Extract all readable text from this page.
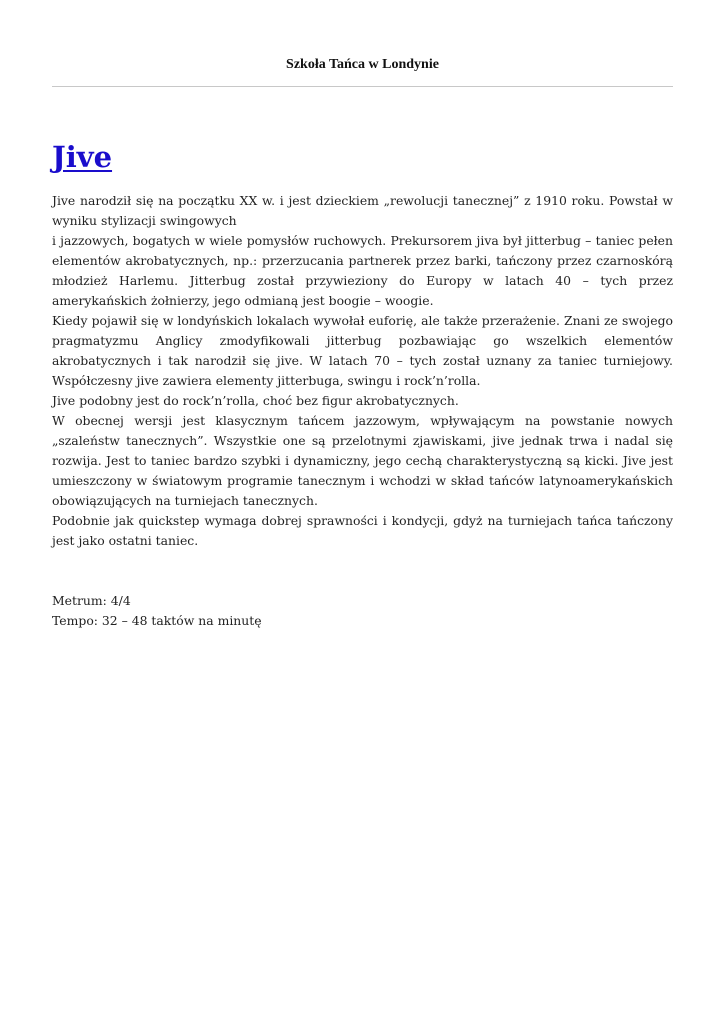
Szkoła Tańca w Londynie
Jive

Jive narodził się na początku XX w. i jest dzieckiem „rewolucji tanecznej” z 1910 roku. Powstał w wyniku stylizacji swingowych

i jazzowych, bogatych w wiele pomysłów ruchowych. Prekursorem jiva był jitterbug – taniec pełen elementów akrobatycznych, np.: przerzucania partnerek przez barki, tańczony przez czarnoskórą młodzież Harlemu. Jitterbug został przywieziony do Europy w latach 40 – tych przez amerykańskich żołnierzy, jego odmianą jest boogie – woogie.

Kiedy pojawił się w londyńskich lokalach wywołał euforię, ale także przerażenie. Znani ze swojego pragmatyzmu Anglicy zmodyfikowali jitterbug pozbawiając go wszelkich elementów akrobatycznych i tak narodził się jive. W latach 70 – tych został uznany za taniec turniejowy. Współczesny jive zawiera elementy jitterbuga, swingu i rock’n’rolla.

Jive podobny jest do rock’n’rolla, choć bez figur akrobatycznych.

W obecnej wersji jest klasycznym tańcem jazzowym, wpływającym na powstanie nowych „szaleństw tanecznych”. Wszystkie one są przelotnymi zjawiskami, jive jednak trwa i nadal się rozwija. Jest to taniec bardzo szybki i dynamiczny, jego cechą charakterystyczną są kicki. Jive jest umieszczony w światowym programie tanecznym i wchodzi w skład tańców latynoamerykańskich obowiązujących na turniejach tanecznych.

Podobnie jak quickstep wymaga dobrej sprawności i kondycji, gdyż na turniejach tańca tańczony jest jako ostatni taniec.

Metrum: 4/4

Tempo: 32 – 48 taktów na minutę
